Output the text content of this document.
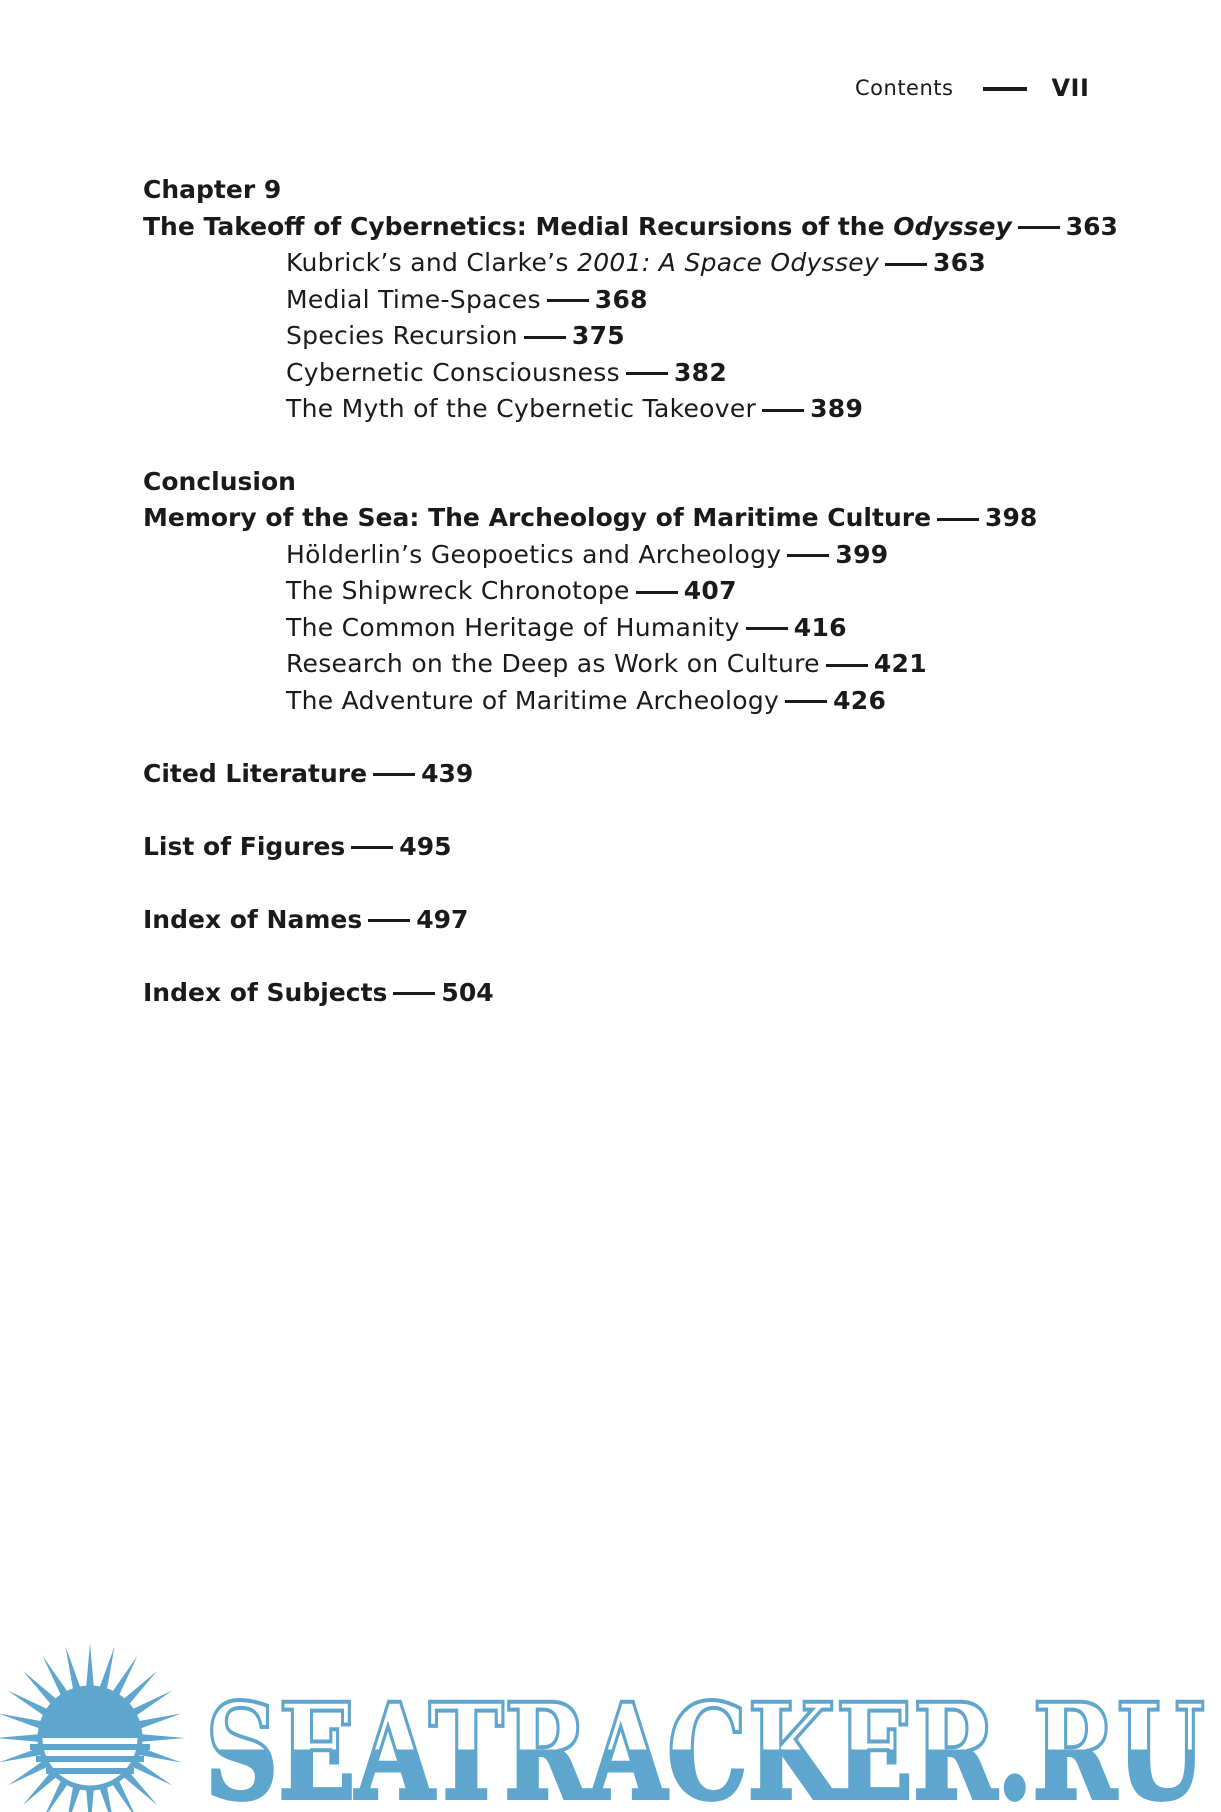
Contents	VII
Chapter 9
The Takeoff of Cybernetics: Medial Recursions of the Odyssey 363
Kubrick’s and Clarke’s 2001: A Space Odyssey 363
Medial Time-Spaces 368
Species Recursion 375
Cybernetic Consciousness 382
The Myth of the Cybernetic Takeover 389
Conclusion
Memory of the Sea: The Archeology of Maritime Culture 398
Hölderlin’s Geopoetics and Archeology 399
The Shipwreck Chronotope 407
The Common Heritage of Humanity 416
Research on the Deep as Work on Culture 421
The Adventure of Maritime Archeology 426
Cited Literature 439
List of Figures 495
Index of Names 497
Index of Subjects 504
SEATRACKER.RU
